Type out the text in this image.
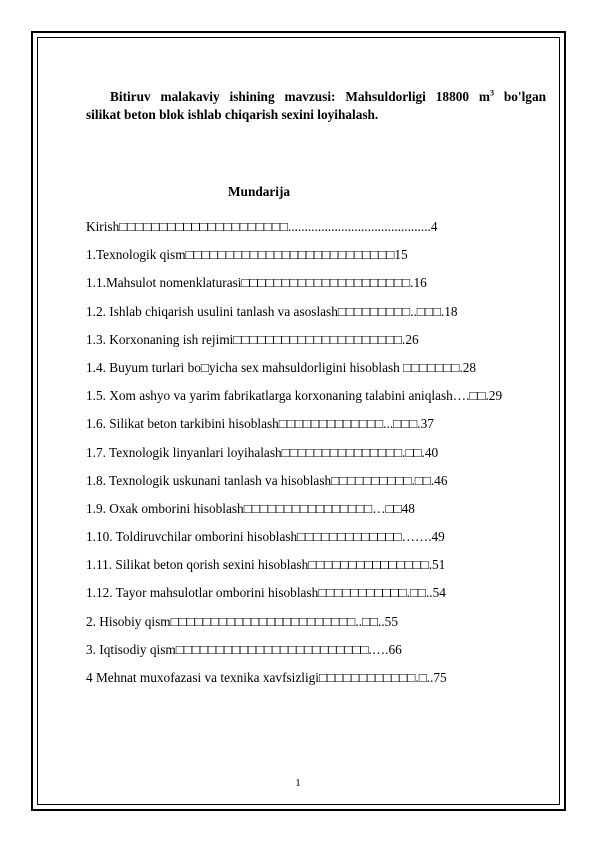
Bitiruv malakaviy ishining mavzusi: Mahsuldorligi 18800 $m^3$ bo'lgan
silikat beton blok ishlab chiqarish sexini loyihalash.
Mundarija
Kirish□□□□□□□□□□□□□□□□□□□□□...........................................4
1.Texnologik qism□□□□□□□□□□□□□□□□□□□□□□□□□□15
1.1.Mahsulot nomenklaturasi□□□□□□□□□□□□□□□□□□□□□.16
1.2. Ishlab chiqarish usulini tanlash va asoslash□□□□□□□□□..□□□.18
1.3. Korxonaning ish rejimi□□□□□□□□□□□□□□□□□□□□□.26
1.4. Buyum turlari bo□yicha sex mahsuldorligini hisoblash □□□□□□□.28
1.5. Xom ashyo va yarim fabrikatlarga korxonaning talabini aniqlash….□□.29
1.6. Silikat beton tarkibini hisoblash□□□□□□□□□□□□□...□□□.37
1.7. Texnologik linyanlari loyihalash□□□□□□□□□□□□□□□.□□.40
1.8. Texnologik uskunani tanlash va hisoblash□□□□□□□□□□.□□.46
1.9. Oxak omborini hisoblash□□□□□□□□□□□□□□□□…□□48
1.10. Toldiruvchilar omborini hisoblash□□□□□□□□□□□□□…….49
1.11. Silikat beton qorish sexini hisoblash□□□□□□□□□□□□□□□.51
1.12. Tayor mahsulotlar omborini hisoblash□□□□□□□□□□□.□□..54
2. Hisobiy qism□□□□□□□□□□□□□□□□□□□□□□□..□□..55
3. Iqtisodiy qism□□□□□□□□□□□□□□□□□□□□□□□□.….66
4 Mehnat muxofazasi va texnika xavfsizligi□□□□□□□□□□□□.□..75
1
